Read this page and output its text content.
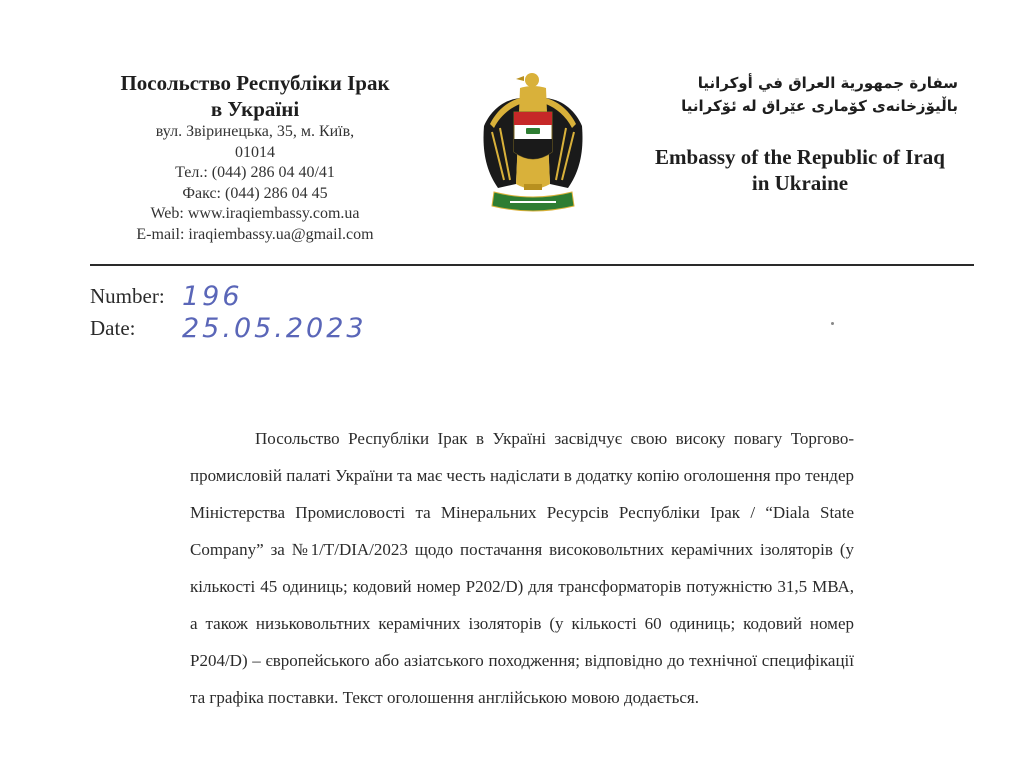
Посольство Республіки Ірак
в Україні
вул. Звіринецька, 35, м. Київ,
01014
Тел.: (044) 286 04 40/41
Факс: (044) 286 04 45
Web: www.iraqiembassy.com.ua
E-mail: iraqiembassy.ua@gmail.com
سفارة جمهورية العراق في أوكرانيا
باڵیۆزخانەی کۆماری عێراق لە ئۆکرانیا
Embassy of the Republic of Iraq
in Ukraine
Number: 196
Date: 25.05.2023

Посольство Республіки Ірак в Україні засвідчує свою високу повагу Торгово-промисловій палаті України та має честь надіслати в додатку копію оголошення про тендер Міністерства Промисловості та Мінеральних Ресурсів Республіки Ірак / “Diala State Company” за №1/T/DIA/2023 щодо постачання високовольтних керамічних ізоляторів (у кількості 45 одиниць; кодовий номер P202/D) для трансформаторів потужністю 31,5 МВА, а також низьковольтних керамічних ізоляторів (у кількості 60 одиниць; кодовий номер P204/D) – європейського або азіатського походження; відповідно до технічної специфікації та графіка поставки. Текст оголошення англійською мовою додається.
